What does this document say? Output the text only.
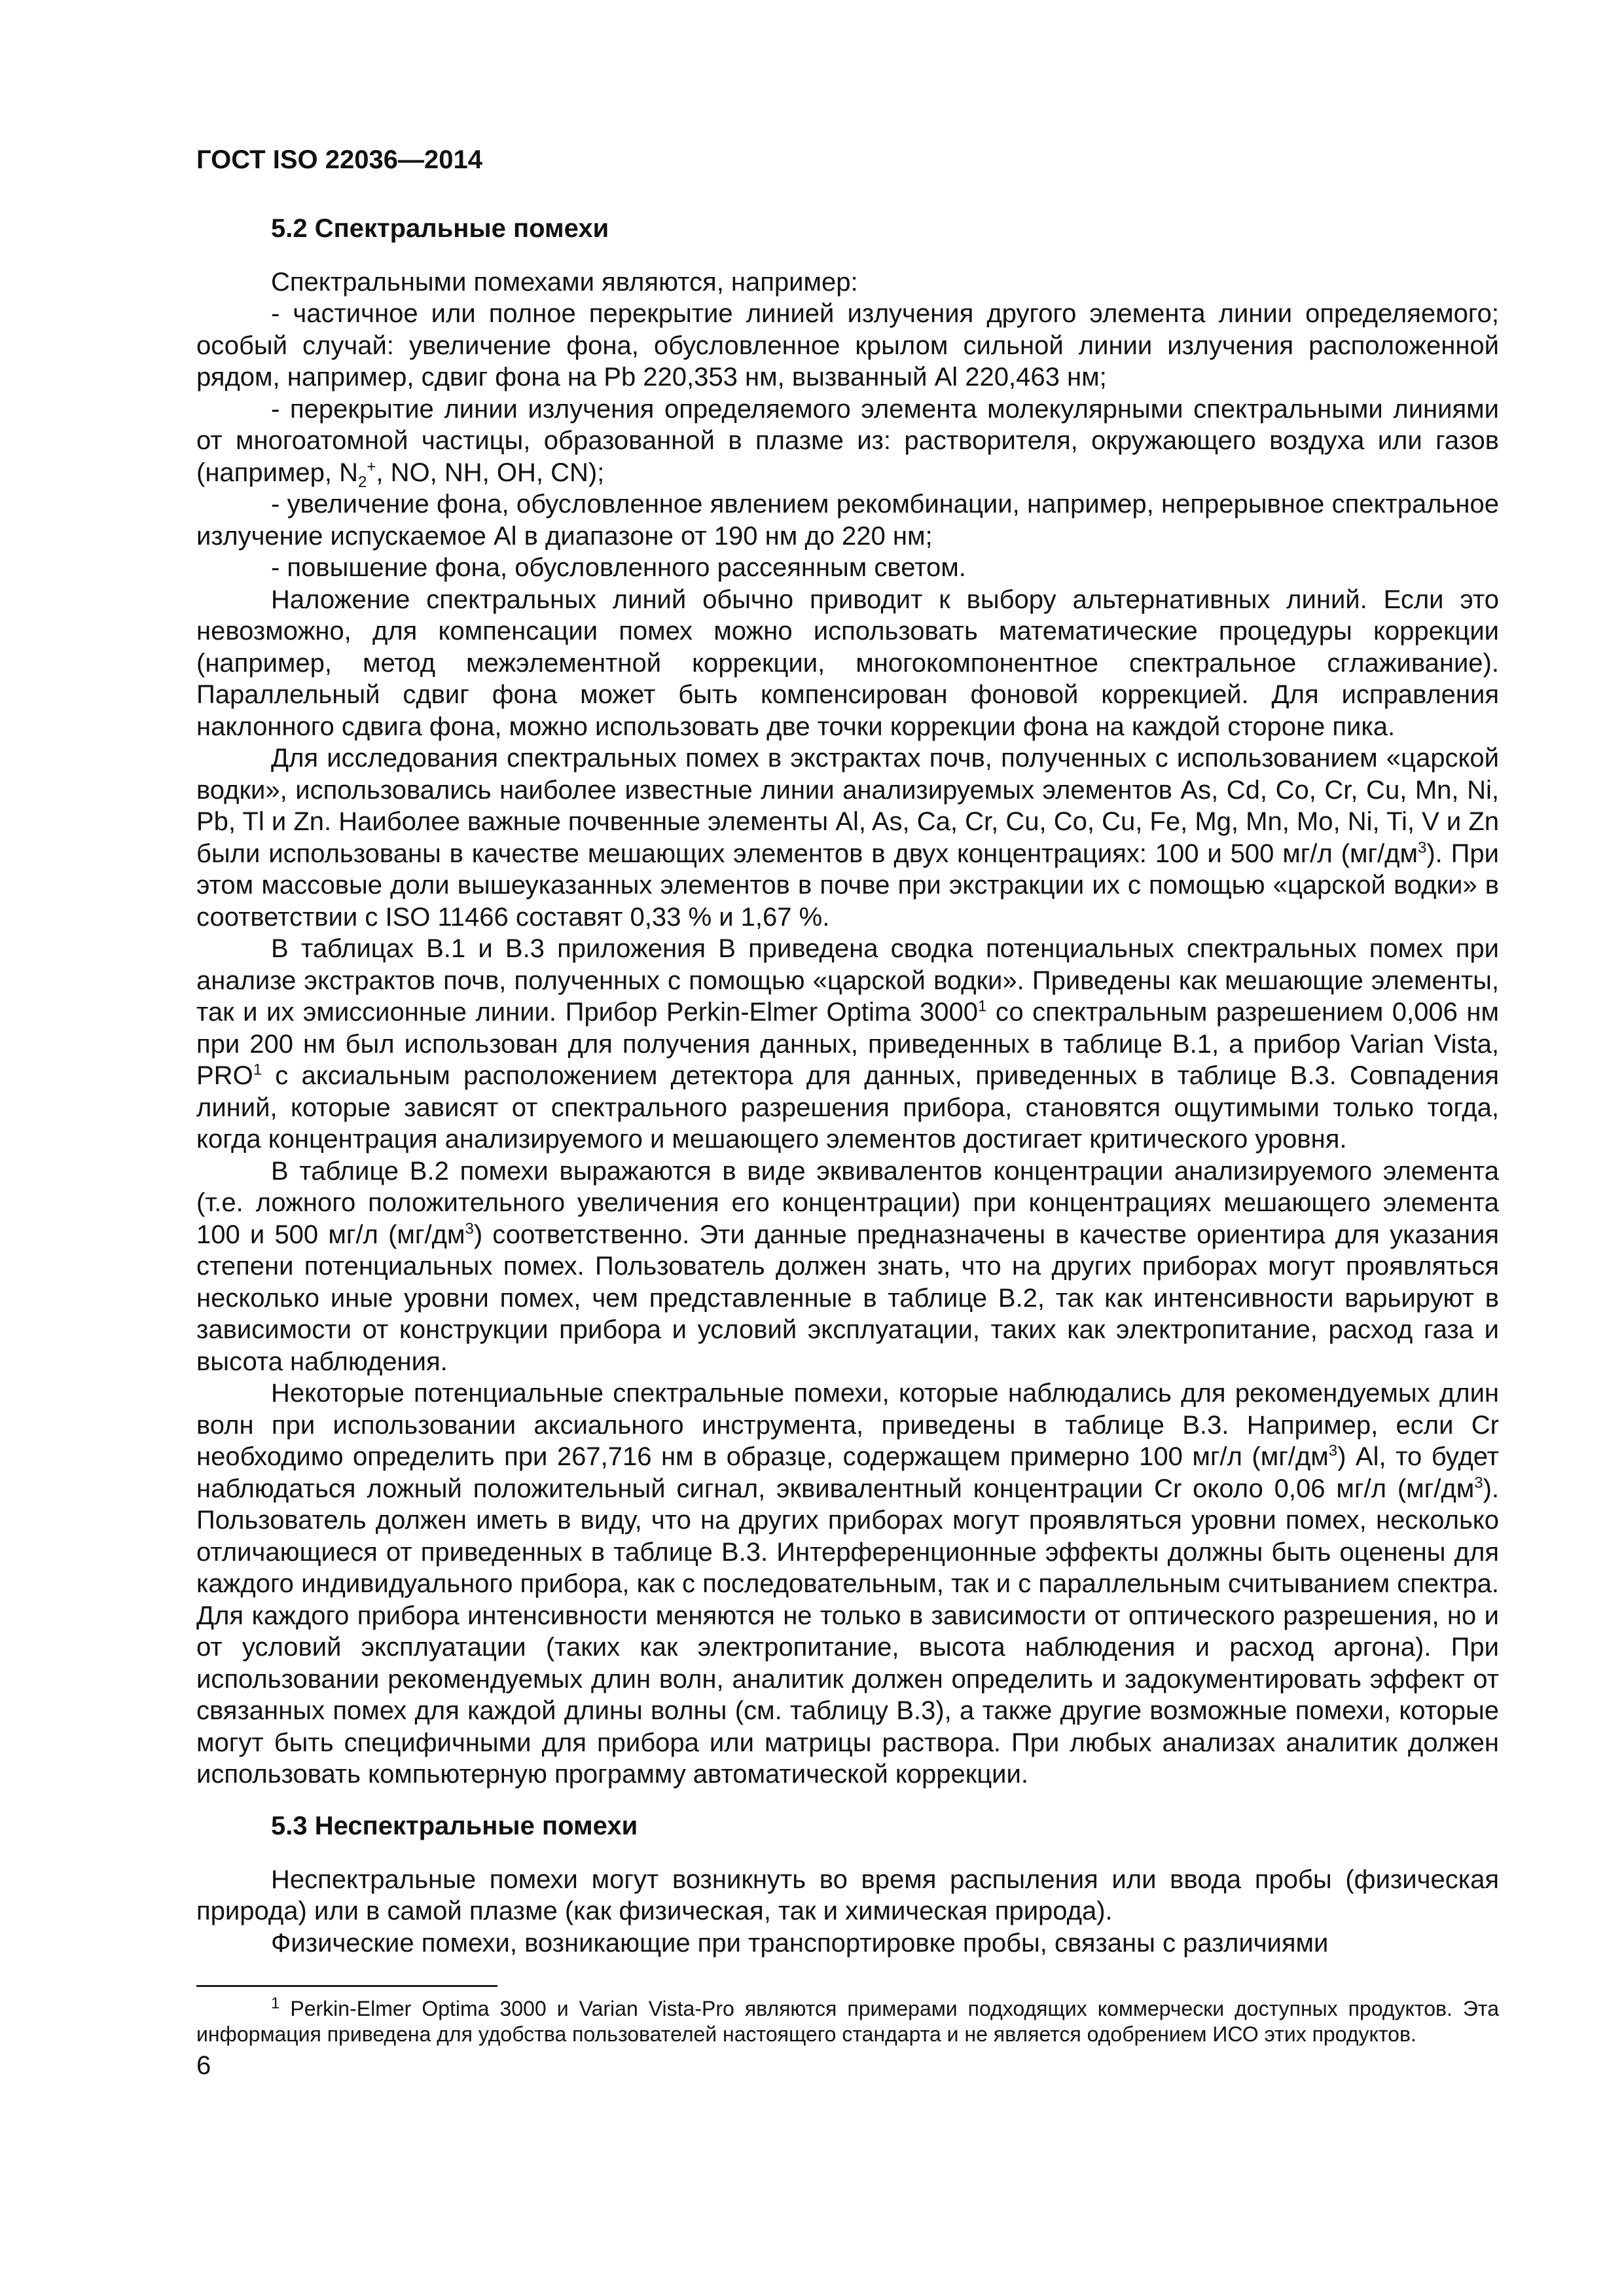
ГОСТ ISO 22036—2014
5.2 Спектральные помехи

Спектральными помехами являются, например:

- частичное или полное перекрытие линией излучения другого элемента линии определяемого; особый случай: увеличение фона, обусловленное крылом сильной линии излучения расположенной рядом, например, сдвиг фона на Pb 220,353 нм, вызванный Al 220,463 нм;

- перекрытие линии излучения определяемого элемента молекулярными спектральными линиями от многоатомной частицы, образованной в плазме из: растворителя, окружающего воздуха или газов (например, $N_2^+$, NO, NH, OH, CN);

- увеличение фона, обусловленное явлением рекомбинации, например, непрерывное спектральное излучение испускаемое Al в диапазоне от 190 нм до 220 нм;

- повышение фона, обусловленного рассеянным светом.

Наложение спектральных линий обычно приводит к выбору альтернативных линий. Если это невозможно, для компенсации помех можно использовать математические процедуры коррекции (например, метод межэлементной коррекции, многокомпонентное спектральное сглаживание). Параллельный сдвиг фона может быть компенсирован фоновой коррекцией. Для исправления наклонного сдвига фона, можно использовать две точки коррекции фона на каждой стороне пика.

Для исследования спектральных помех в экстрактах почв, полученных с использованием «царской водки», использовались наиболее известные линии анализируемых элементов As, Cd, Co, Cr, Cu, Mn, Ni, Pb, Tl и Zn. Наиболее важные почвенные элементы Al, As, Ca, Cr, Cu, Co, Cu, Fe, Mg, Mn, Mo, Ni, Ti, V и Zn были использованы в качестве мешающих элементов в двух концентрациях: 100 и 500 мг/л $(мг/дм^3)$. При этом массовые доли вышеуказанных элементов в почве при экстракции их с помощью «царской водки» в соответствии с ISO 11466 составят 0,33 % и 1,67 %.

В таблицах В.1 и В.3 приложения В приведена сводка потенциальных спектральных помех при анализе экстрактов почв, полученных с помощью «царской водки». Приведены как мешающие элементы, так и их эмиссионные линии. Прибор Perkin-Elmer Optima 3000$^1$ со спектральным разрешением 0,006 нм при 200 нм был использован для получения данных, приведенных в таблице В.1, а прибор Varian Vista, PRO$^1$ с аксиальным расположением детектора для данных, приведенных в таблице В.3. Совпадения линий, которые зависят от спектрального разрешения прибора, становятся ощутимыми только тогда, когда концентрация анализируемого и мешающего элементов достигает критического уровня.

В таблице В.2 помехи выражаются в виде эквивалентов концентрации анализируемого элемента (т.е. ложного положительного увеличения его концентрации) при концентрациях мешающего элемента 100 и 500 мг/л $(мг/дм^3)$ соответственно. Эти данные предназначены в качестве ориентира для указания степени потенциальных помех. Пользователь должен знать, что на других приборах могут проявляться несколько иные уровни помех, чем представленные в таблице В.2, так как интенсивности варьируют в зависимости от конструкции прибора и условий эксплуатации, таких как электропитание, расход газа и высота наблюдения.

Некоторые потенциальные спектральные помехи, которые наблюдались для рекомендуемых длин волн при использовании аксиального инструмента, приведены в таблице В.3. Например, если Cr необходимо определить при 267,716 нм в образце, содержащем примерно 100 мг/л $(мг/дм^3)$ Al, то будет наблюдаться ложный положительный сигнал, эквивалентный концентрации Cr около 0,06 мг/л $(мг/дм^3)$. Пользователь должен иметь в виду, что на других приборах могут проявляться уровни помех, несколько отличающиеся от приведенных в таблице В.3. Интерференционные эффекты должны быть оценены для каждого индивидуального прибора, как с последовательным, так и с параллельным считыванием спектра. Для каждого прибора интенсивности меняются не только в зависимости от оптического разрешения, но и от условий эксплуатации (таких как электропитание, высота наблюдения и расход аргона). При использовании рекомендуемых длин волн, аналитик должен определить и задокументировать эффект от связанных помех для каждой длины волны (см. таблицу В.3), а также другие возможные помехи, которые могут быть специфичными для прибора или матрицы раствора. При любых анализах аналитик должен использовать компьютерную программу автоматической коррекции.

5.3 Неспектральные помехи

Неспектральные помехи могут возникнуть во время распыления или ввода пробы (физическая природа) или в самой плазме (как физическая, так и химическая природа).

Физические помехи, возникающие при транспортировке пробы, связаны с различиями

$^1$ Perkin-Elmer Optima 3000 и Varian Vista-Pro являются примерами подходящих коммерчески доступных продуктов. Эта информация приведена для удобства пользователей настоящего стандарта и не является одобрением ИСО этих продуктов.

6
